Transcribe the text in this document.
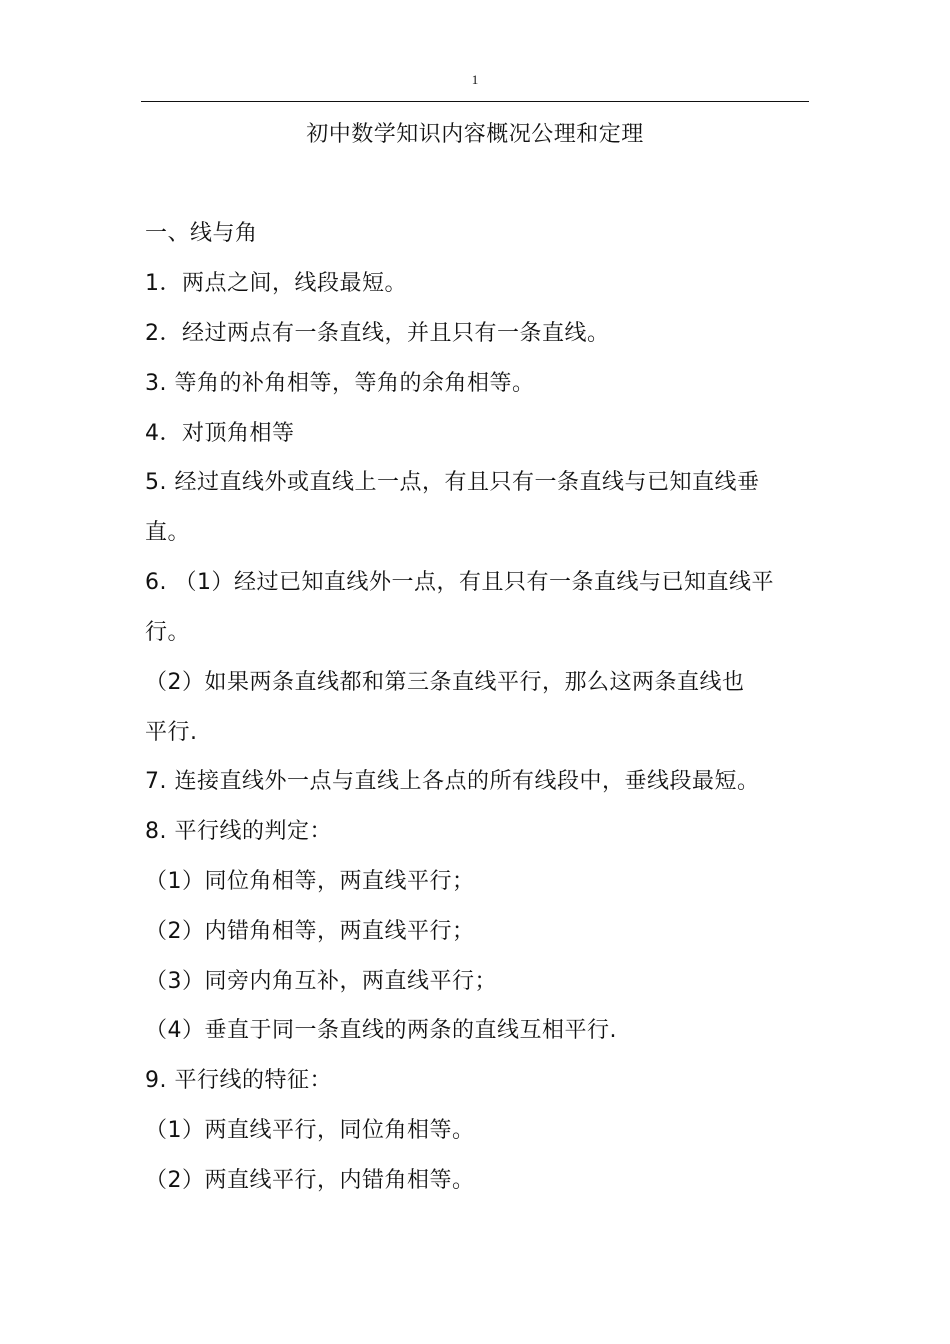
1
初中数学知识内容概况公理和定理
一、线与角
1．两点之间，线段最短。
2．经过两点有一条直线，并且只有一条直线。
3. 等角的补角相等，等角的余角相等。
4．对顶角相等
5. 经过直线外或直线上一点，有且只有一条直线与已知直线垂
直。
6. （1）经过已知直线外一点，有且只有一条直线与已知直线平
行。
（2）如果两条直线都和第三条直线平行，那么这两条直线也
平行.
7. 连接直线外一点与直线上各点的所有线段中，垂线段最短。
8. 平行线的判定：
（1）同位角相等，两直线平行；
（2）内错角相等，两直线平行；
（3）同旁内角互补，两直线平行；
（4）垂直于同一条直线的两条的直线互相平行.
9. 平行线的特征：
（1）两直线平行，同位角相等。
（2）两直线平行，内错角相等。
